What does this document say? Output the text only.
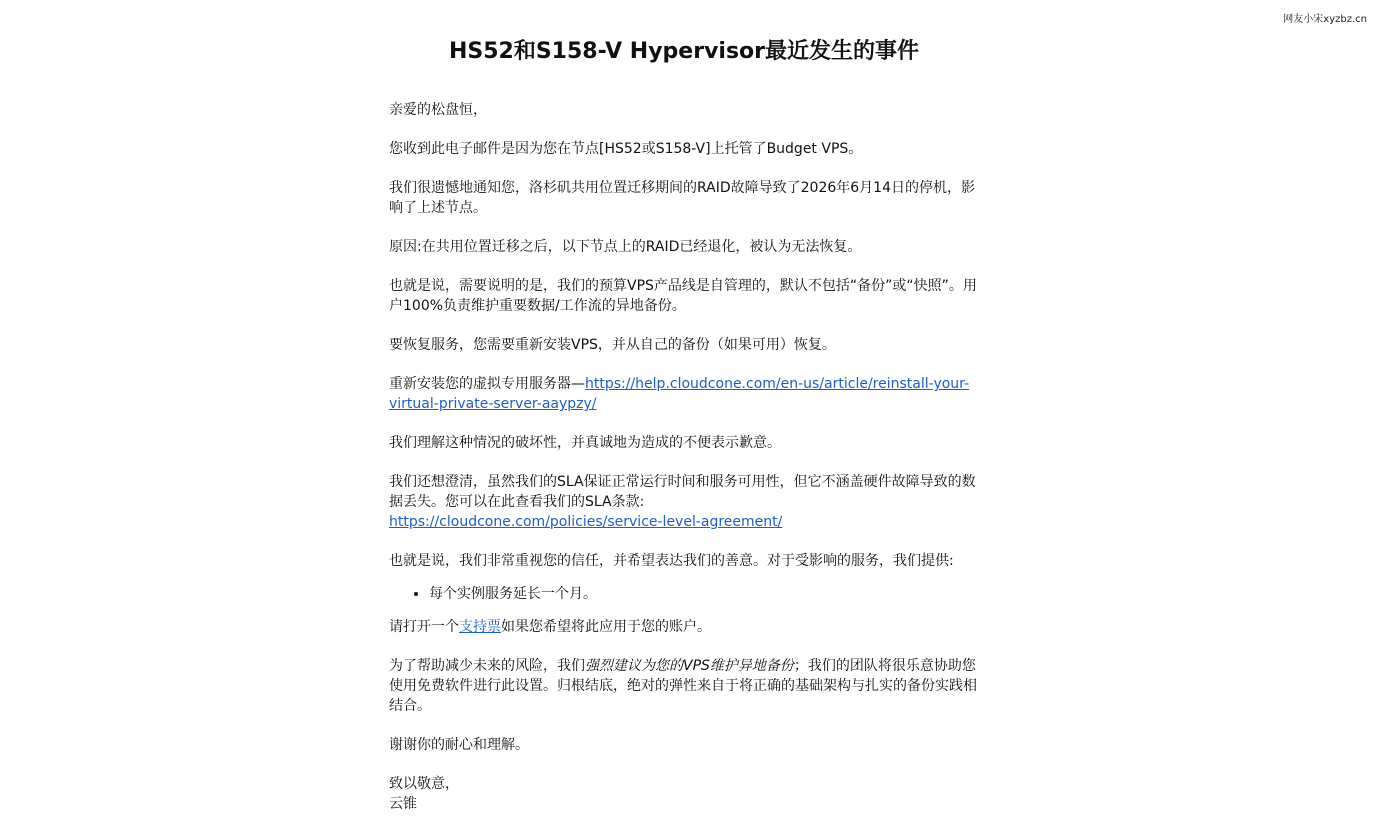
网友小宋xyzbz.cn
HS52和S158-V Hypervisor最近发生的事件

亲爱的松盘恒，

您收到此电子邮件是因为您在节点[HS52或S158-V]上托管了Budget VPS。

我们很遗憾地通知您，洛杉矶共用位置迁移期间的RAID故障导致了2026年6月14日的停机，影响了上述节点。

原因:在共用位置迁移之后，以下节点上的RAID已经退化，被认为无法恢复。

也就是说，需要说明的是，我们的预算VPS产品线是自管理的，默认不包括“备份”或“快照”。用户100%负责维护重要数据/工作流的异地备份。

要恢复服务，您需要重新安装VPS，并从自己的备份（如果可用）恢复。

重新安装您的虚拟专用服务器—https://help.cloudcone.com/en-us/article/reinstall-your-virtual-private-server-aaypzy/

我们理解这种情况的破坏性，并真诚地为造成的不便表示歉意。

我们还想澄清，虽然我们的SLA保证正常运行时间和服务可用性，但它不涵盖硬件故障导致的数据丢失。您可以在此查看我们的SLA条款:
https://cloudcone.com/policies/service-level-agreement/

也就是说，我们非常重视您的信任，并希望表达我们的善意。对于受影响的服务，我们提供:

• 每个实例服务延长一个月。

请打开一个支持票如果您希望将此应用于您的账户。

为了帮助减少未来的风险，我们强烈建议为您的VPS维护异地备份；我们的团队将很乐意协助您使用免费软件进行此设置。归根结底，绝对的弹性来自于将正确的基础架构与扎实的备份实践相结合。

谢谢你的耐心和理解。

致以敬意，

云锥
